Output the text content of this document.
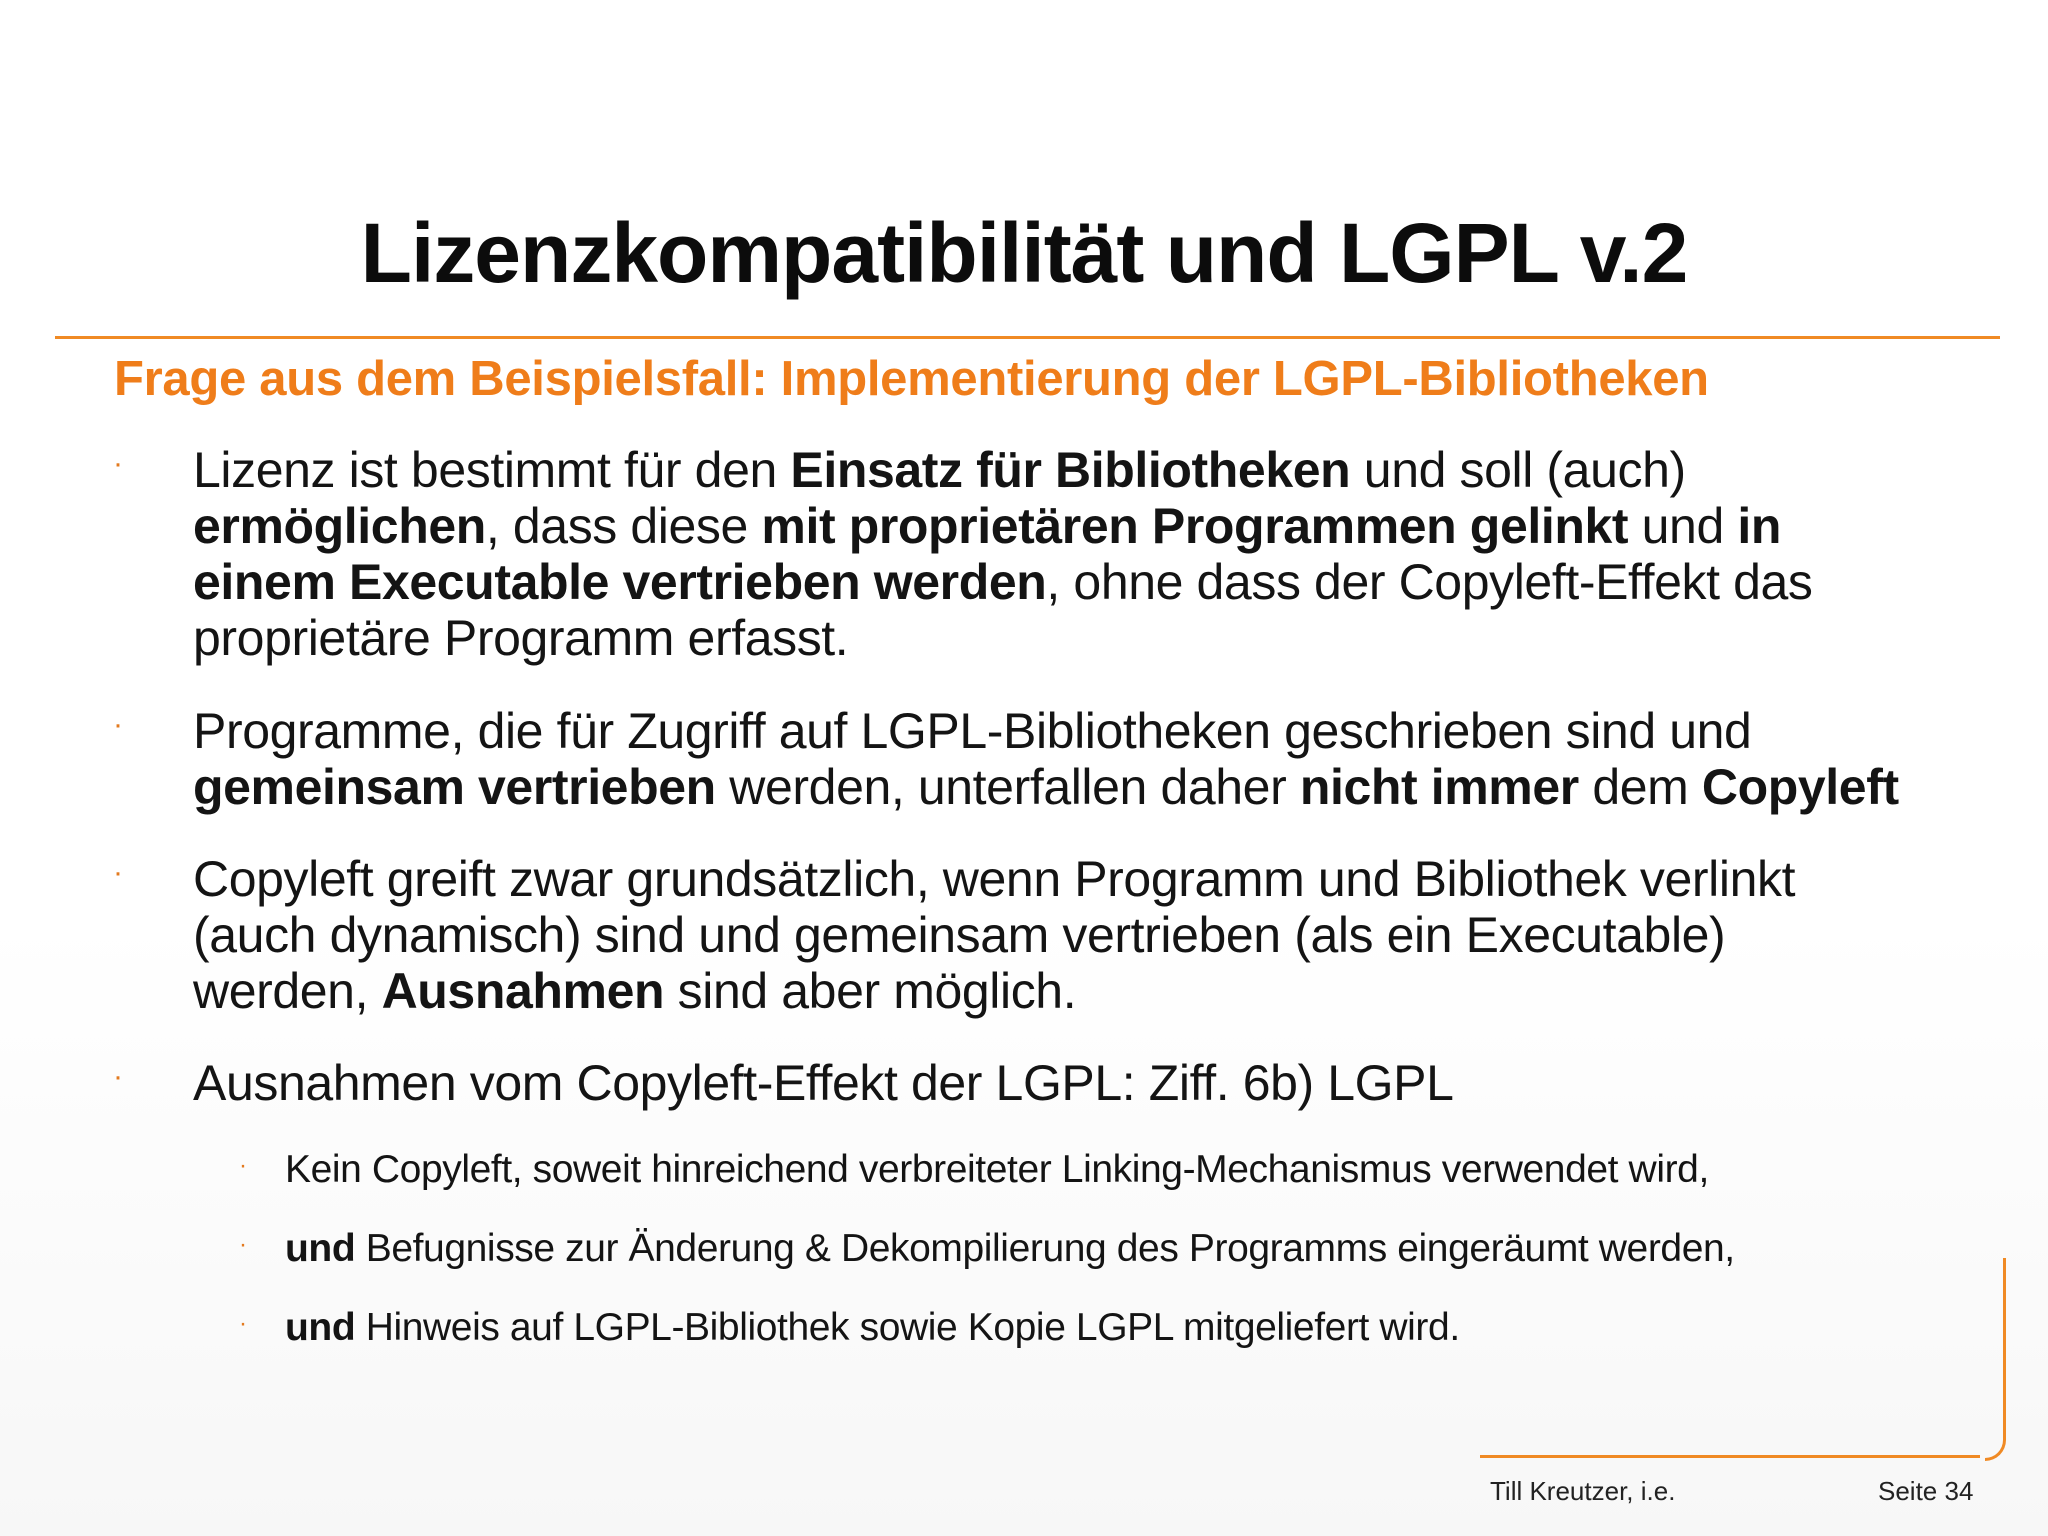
Lizenzkompatibilität und LGPL v.2
Frage aus dem Beispielsfall: Implementierung der LGPL-Bibliotheken
· Lizenz ist bestimmt für den Einsatz für Bibliotheken und soll (auch) ermöglichen, dass diese mit proprietären Programmen gelinkt und in einem Executable vertrieben werden, ohne dass der Copyleft-Effekt das proprietäre Programm erfasst.
· Programme, die für Zugriff auf LGPL-Bibliotheken geschrieben sind und gemeinsam vertrieben werden, unterfallen daher nicht immer dem Copyleft
· Copyleft greift zwar grundsätzlich, wenn Programm und Bibliothek verlinkt (auch dynamisch) sind und gemeinsam vertrieben (als ein Executable) werden, Ausnahmen sind aber möglich.
· Ausnahmen vom Copyleft-Effekt der LGPL: Ziff. 6b) LGPL
· Kein Copyleft, soweit hinreichend verbreiteter Linking-Mechanismus verwendet wird,
· und Befugnisse zur Änderung & Dekompilierung des Programms eingeräumt werden,
· und Hinweis auf LGPL-Bibliothek sowie Kopie LGPL mitgeliefert wird.
Till Kreutzer, i.e.	Seite 34
